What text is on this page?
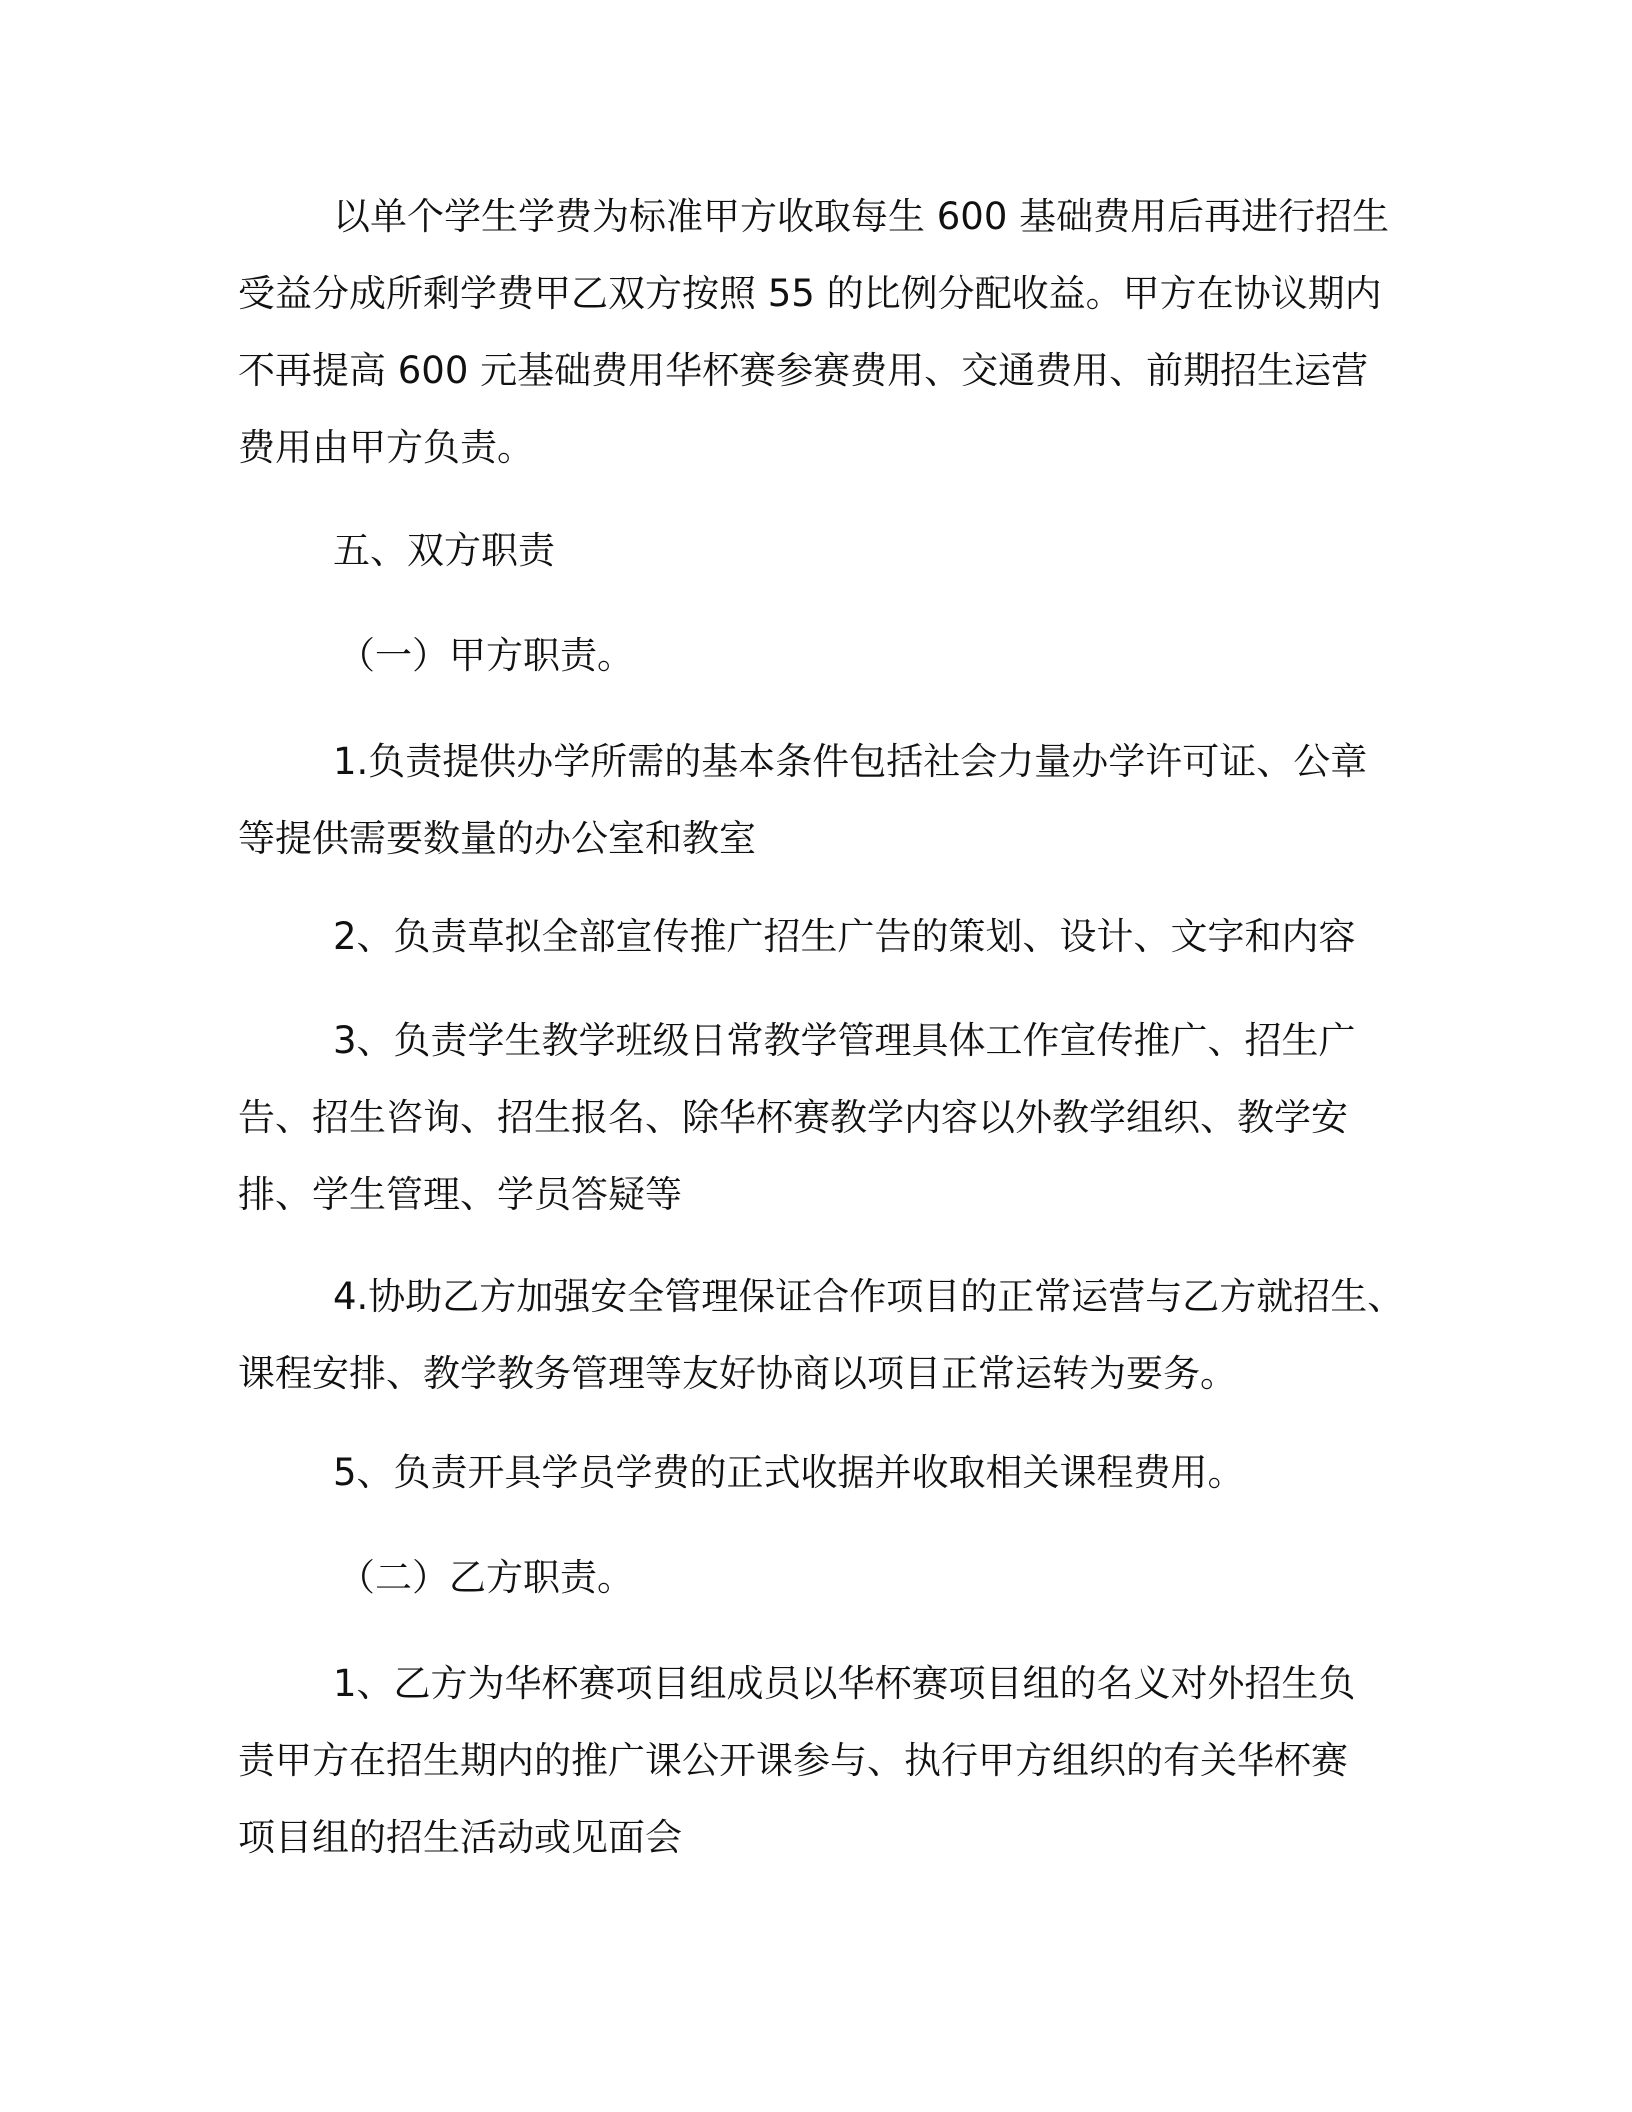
以单个学生学费为标准甲方收取每生 600 基础费用后再进行招生
受益分成所剩学费甲乙双方按照 55 的比例分配收益。甲方在协议期内
不再提高 600 元基础费用华杯赛参赛费用、交通费用、前期招生运营
费用由甲方负责。
五、双方职责
（一）甲方职责。
1.负责提供办学所需的基本条件包括社会力量办学许可证、公章
等提供需要数量的办公室和教室
2、负责草拟全部宣传推广招生广告的策划、设计、文字和内容
3、负责学生教学班级日常教学管理具体工作宣传推广、招生广
告、招生咨询、招生报名、除华杯赛教学内容以外教学组织、教学安
排、学生管理、学员答疑等
4.协助乙方加强安全管理保证合作项目的正常运营与乙方就招生、
课程安排、教学教务管理等友好协商以项目正常运转为要务。
5、负责开具学员学费的正式收据并收取相关课程费用。
（二）乙方职责。
1、乙方为华杯赛项目组成员以华杯赛项目组的名义对外招生负
责甲方在招生期内的推广课公开课参与、执行甲方组织的有关华杯赛
项目组的招生活动或见面会
